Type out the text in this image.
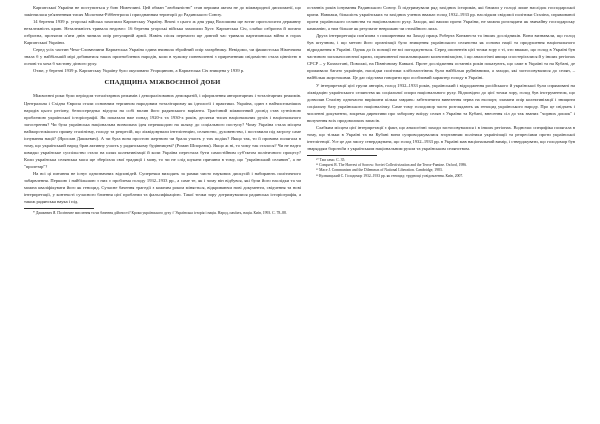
Карпатської України не поступиться у бою Німеччині. Цей обман "любляністю" став першим актом не до міжнародної дипломатії, що закінчилася ув'язненням тисяч Молотова-Ріббентропа і приєднанням території до Радянського Союзу.

14 березня 1939 р. угорські війська захопили Карпатську Україну. Вночі з цього ж дня уряд Волошина ще встиг проголосити державну незалежність краю. Незалежність тривала недовго: 16 березня угорські війська захопили Хуст. Карпатська Січ, слабко озброєна й погано озброєна, протягом п'яти днів чинила опір регулярній армії. Навіть після перемоги ще довгий час тривала партизанська війна в горах Карпатської України.

Серед усіх частин Чехо-Словаччини Карпатська Україна єдина вчинила збройний опір загарбнику. Невідомо, чи фашистська Німеччина знала б у найбільшій мірі добиватися таких пригноблених народів, коли в чужому поневоленні з приреченням свідомістю стала цінністю в основі та хоча б частину дієвого руху.

Отже, у березні 1939 р. Карпатську Україну було окуповано Угорщиною, а Карпатська Січ знищена у 1939 р.

СПАДЩИНА МІЖВОЄННОЇ ДОБИ

Міжвоєнні роки були періодом тоталітарних режимів і деморалізованих демократій, і оформлення авторитарних і тоталітарних режимів. Центральна і Східна Європа стали основним терпином народовим тоталітаризму як ідеології і практики. Україна, один з найчисельніших народів цього регіону, безпосередньо відчула на собі вплив його радянського варіанта. Трагічний міжвоєнний досвід став сутнісною проблемою української історіографії. Як показали вже понад 1920-х та 1930-х років, десятки тисяч національних рухів і національного загострення? Чи була українська національна визвольна ідея перешкодою на шляху до соціального поступу? Чому Україна стала місцем найжорстокішого прояву сталінізму, голоду та репресій, що ліквідовували інтелігенцію, селянство, духовенство, і поставили під загрозу саме існування нації? (Ярослав Дашкевич). А чи була вона простою жертвою чи брала участь у тих подіях? Якщо так, то її провина полягала в тому, що український народ брав активну участь у радянському будівництві? (Роман Шпорлюк). Якщо ж ні, то чому так сталося? Чи не надто швидко українське суспільство стало на шлях колективізації й коли Україна перестала бути самостійним суб'єктом політичного процесу? Коли українська селянська маса ще зберігала свої традиції і мову, то чи не слід шукати причини в тому, що "український селянин", а не "пролетар"?

На всі ці питання не існує однозначних відповідей. Суперечки виходять за рамки чисто наукових дискусій і набирають політичного забарвлення. Першою і найбільшою з них є проблема голоду 1932–1933 рр., а саме те, як і чому він відбувся, які були його наслідки та чи можна кваліфікувати його як геноцид. Сучасне бачення трагедії з кожним роком міняється, відкриваючи нові документи, свідчення та нові інтерпретації, у контексті сучасного бачення цієї проблеми та фальсифікацією. Такої точки зору дотримувалися радянська історіографія, а також радянська наука і під.

* Дашкевич Я. Політичне мислення та чи бачення дійсності? Кроки українського духу // Українська історія і нація. Народ, пам'ять, нація. Київ, 1993. С. 78–88.

останніх років існування Радянського Союзу. Її підтримували ряд західних істориків, які бачили у голоді лише наслідок господарської кризи. Навпаки, більшість українських та західних учених вважає голод 1932–1933 рр. наслідком свідомої політики Сталіна, спрямованої проти українського селянства та національного руху. Заходи, які вжили проти України, не можна розглядати як звичайну господарську кампанію, а тим більше як результат неврожаю чи стихійного лиха.

Друга інтерпретація пов'язана з поширенням на Заході праць Роберта Конквеста та інших дослідників. Вони визнавали, що голод був штучним, і що метою його організації було знищення українського селянства як основи нації та придушення національного відродження в Україні. Однак до їх позиції не всі погоджуються. Серед опонентів цієї точки зору є ті, хто вважає, що голод в Україні був частиною загальносоюзної кризи, спричиненої насильницькою колективізацією, і що аналогічні явища спостерігалися й у інших регіонах СРСР – у Казахстані, Поволжі, на Північному Кавказі. Проте дослідження останніх років показують, що саме в Україні та на Кубані, де проживало багато українців, наслідки політики хлібозаготівель були найбільш руйнівними, а заходи, які застосовувалися до селян, – найбільш жорстокими. Це дає підстави говорити про особливий характер голоду в Україні.

У інтерпретації цієї групи авторів, голод 1932–1933 років, український і відродження російського й української були спрямовані на ліквідацію українського селянства як соціальної опори національного руху. Відповідно до цієї точки зору, голод був інструментом, що дозволяв Сталіну одночасно вирішити кілька завдань: забезпечити вивезення зерна на експорт, зламати опір колективізації і знищити соціальну базу українського націоналізму. Саме тому голодомор часто розглядають як геноцид українського народу. Про це свідчать і численні документи, зокрема директиви про заборону виїзду селян з України та Кубані, внесення сіл до так званих "чорних дошок" і вилучення всіх продовольчих запасів.

Слабким місцем цієї інтерпретації є факт, що аналогічні заходи застосовувалися і в інших регіонах. Водночас специфіка полягала в тому, що тільки в Україні та на Кубані вони супроводжувалися згортанням політики українізації та репресіями проти української інтелігенції. Усе це дає змогу стверджувати, що голод 1932–1933 рр. в Україні мав національний вимір, і стверджувати, що голодомор був знаряддям боротьби з українським національним рухом та українським селянством.

¹⁰ Там само. С. 35.

¹¹ Conquest R. The Harvest of Sorrow: Soviet Collectivization and the Terror-Famine. Oxford, 1986.

¹² Mace J. Communism and the Dilemmas of National Liberation. Cambridge, 1983.

¹³ Кульчицький С. Голодомор 1932–1933 рр. як геноцид: труднощі усвідомлення. Київ, 2007.
